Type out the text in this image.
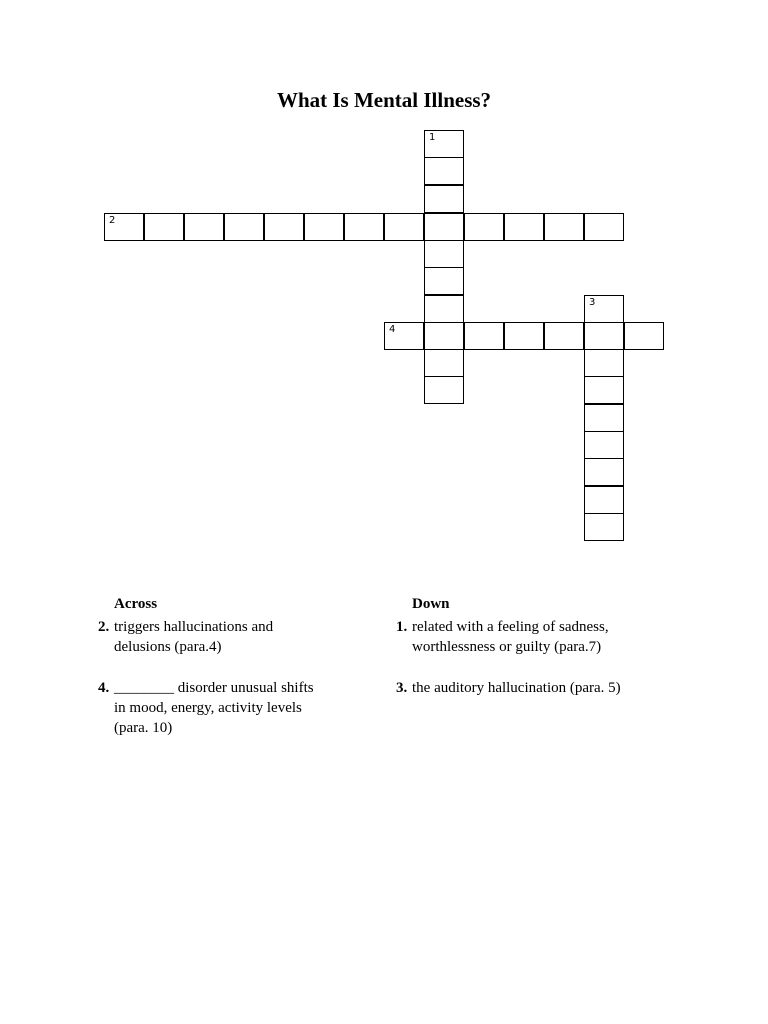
What Is Mental Illness?
1
2
3
4
Across
2. triggers hallucinations and
delusions (para.4)
4. ________ disorder unusual shifts
in mood, energy, activity levels
(para. 10)
Down
1. related with a feeling of sadness,
worthlessness or guilty (para.7)
3. the auditory hallucination (para. 5)
